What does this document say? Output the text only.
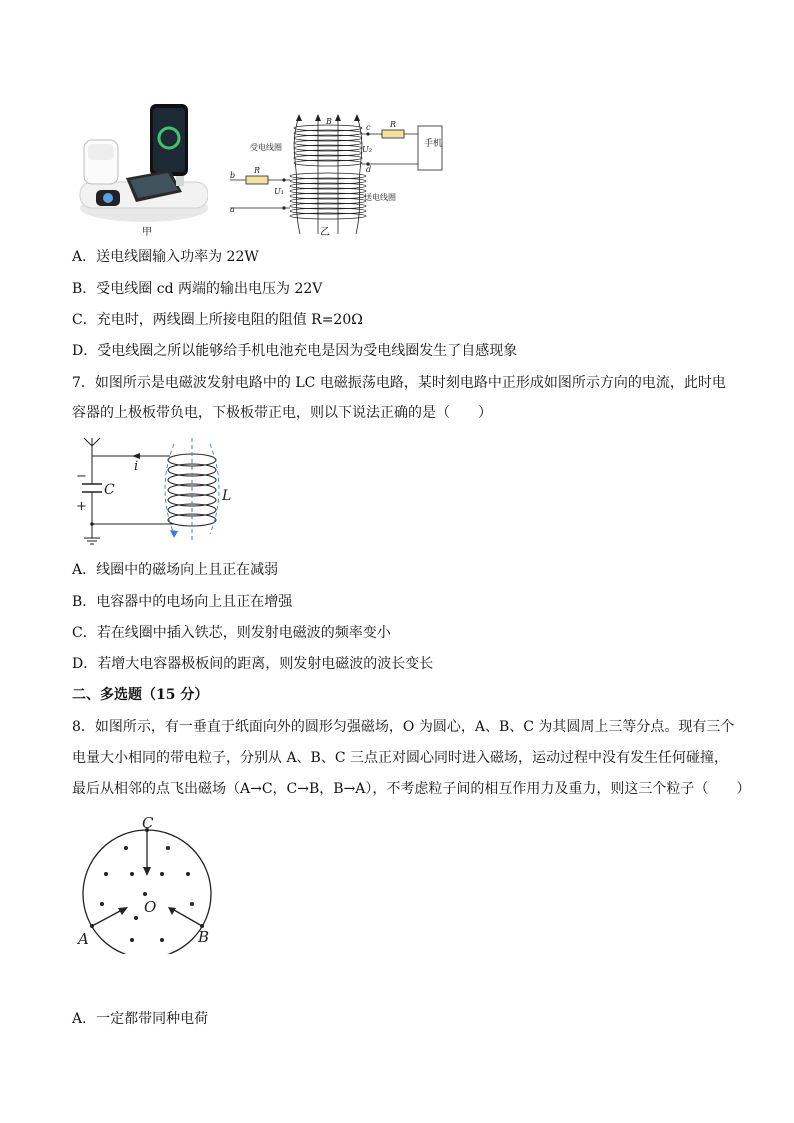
甲
B	R
c
d
U₂
手机
受电线圈
送电线圈
R
b
a
U₁
乙
A．送电线圈输入功率为 22W
B．受电线圈 cd 两端的输出电压为 22V
C．充电时，两线圈上所接电阻的阻值 R=20Ω
D．受电线圈之所以能够给手机电池充电是因为受电线圈发生了自感现象
7．如图所示是电磁波发射电路中的 LC 电磁振荡电路，某时刻电路中正形成如图所示方向的电流，此时电
容器的上极板带负电，下极板带正电，则以下说法正确的是（　　）
i
C	L
−
+
A．线圈中的磁场向上且正在减弱
B．电容器中的电场向上且正在增强
C．若在线圈中插入铁芯，则发射电磁波的频率变小
D．若增大电容器极板间的距离，则发射电磁波的波长变长
二、多选题（15 分）
8．如图所示，有一垂直于纸面向外的圆形匀强磁场，O 为圆心，A、B、C 为其圆周上三等分点。现有三个
电量大小相同的带电粒子，分别从 A、B、C 三点正对圆心同时进入磁场，运动过程中没有发生任何碰撞，
最后从相邻的点飞出磁场（A→C，C→B，B→A），不考虑粒子间的相互作用力及重力，则这三个粒子（　　）
C
A	B
O
A．一定都带同种电荷
